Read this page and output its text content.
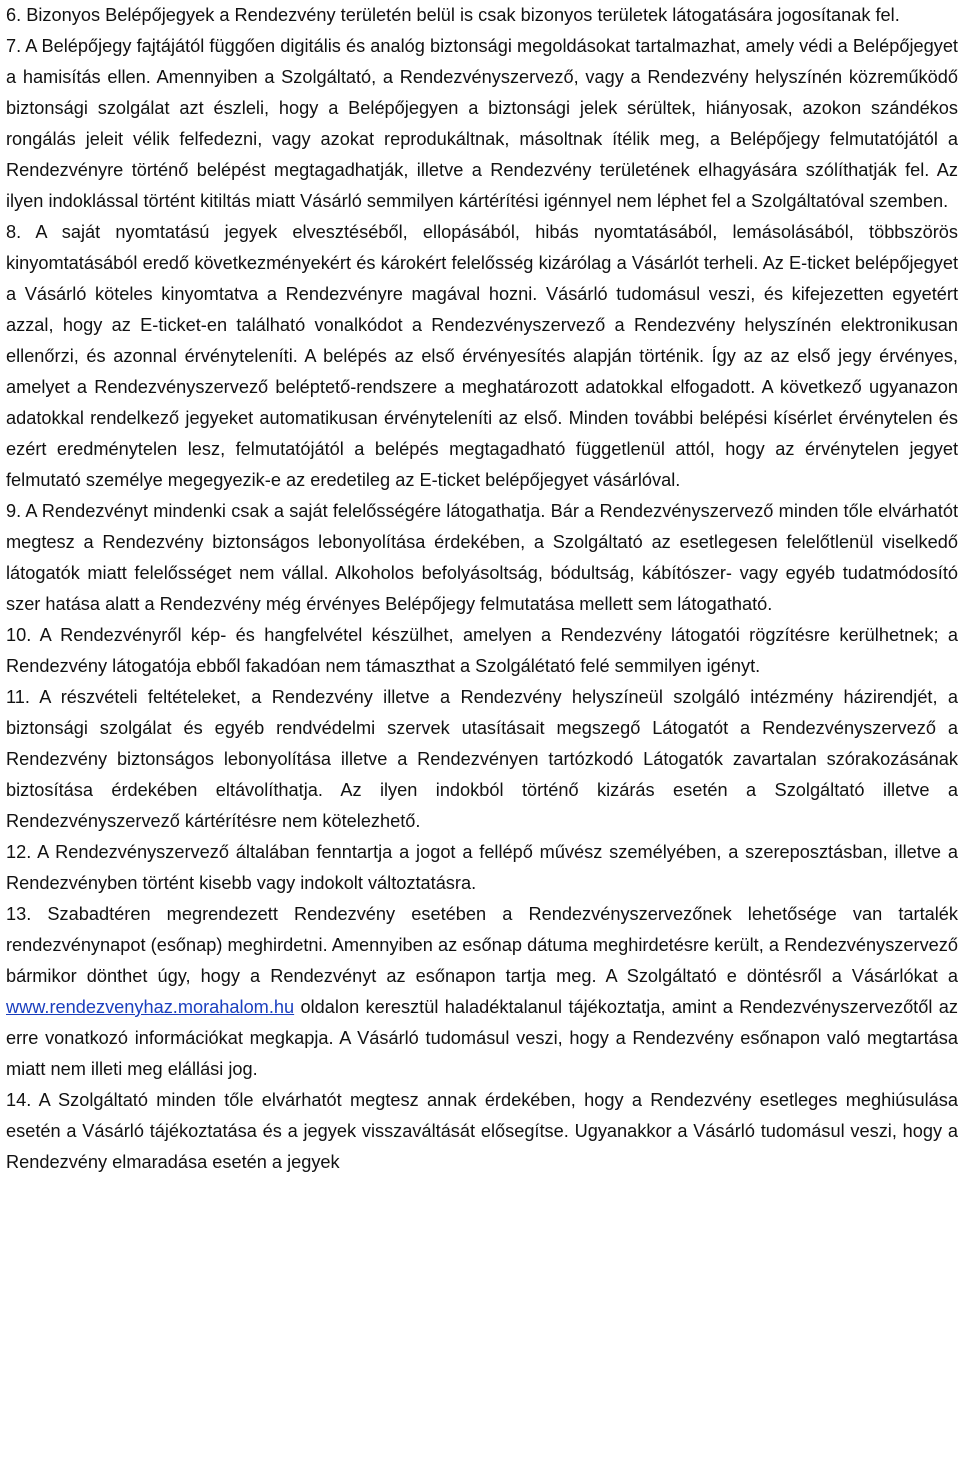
6. Bizonyos Belépőjegyek a Rendezvény területén belül is csak bizonyos területek látogatására jogosítanak fel.

7. A Belépőjegy fajtájától függően digitális és analóg biztonsági megoldásokat tartalmazhat, amely védi a Belépőjegyet a hamisítás ellen. Amennyiben a Szolgáltató, a Rendezvényszervező, vagy a Rendezvény helyszínén közreműködő biztonsági szolgálat azt észleli, hogy a Belépőjegyen a biztonsági jelek sérültek, hiányosak, azokon szándékos rongálás jeleit vélik felfedezni, vagy azokat reprodukáltnak, másoltnak ítélik meg, a Belépőjegy felmutatójától a Rendezvényre történő belépést megtagadhatják, illetve a Rendezvény területének elhagyására szólíthatják fel. Az ilyen indoklással történt kitiltás miatt Vásárló semmilyen kártérítési igénnyel nem léphet fel a Szolgáltatóval szemben.

8. A saját nyomtatású jegyek elvesztéséből, ellopásából, hibás nyomtatásából, lemásolásából, többszörös kinyomtatásából eredő következményekért és károkért felelősség kizárólag a Vásárlót terheli. Az E-ticket belépőjegyet a Vásárló köteles kinyomtatva a Rendezvényre magával hozni. Vásárló tudomásul veszi, és kifejezetten egyetért azzal, hogy az E-ticket-en található vonalkódot a Rendezvényszervező a Rendezvény helyszínén elektronikusan ellenőrzi, és azonnal érvényteleníti. A belépés az első érvényesítés alapján történik. Így az az első jegy érvényes, amelyet a Rendezvényszervező beléptető-rendszere a meghatározott adatokkal elfogadott. A következő ugyanazon adatokkal rendelkező jegyeket automatikusan érvényteleníti az első. Minden további belépési kísérlet érvénytelen és ezért eredménytelen lesz, felmutatójától a belépés megtagadható függetlenül attól, hogy az érvénytelen jegyet felmutató személye megegyezik-e az eredetileg az E-ticket belépőjegyet vásárlóval.

9. A Rendezvényt mindenki csak a saját felelősségére látogathatja. Bár a Rendezvényszervező minden tőle elvárhatót megtesz a Rendezvény biztonságos lebonyolítása érdekében, a Szolgáltató az esetlegesen felelőtlenül viselkedő látogatók miatt felelősséget nem vállal. Alkoholos befolyásoltság, bódultság, kábítószer- vagy egyéb tudatmódosító szer hatása alatt a Rendezvény még érvényes Belépőjegy felmutatása mellett sem látogatható.

10. A Rendezvényről kép- és hangfelvétel készülhet, amelyen a Rendezvény látogatói rögzítésre kerülhetnek; a Rendezvény látogatója ebből fakadóan nem támaszthat a Szolgálétató felé semmilyen igényt.

11. A részvételi feltételeket, a Rendezvény illetve a Rendezvény helyszíneül szolgáló intézmény házirendjét, a biztonsági szolgálat és egyéb rendvédelmi szervek utasításait megszegő Látogatót a Rendezvényszervező a Rendezvény biztonságos lebonyolítása illetve a Rendezvényen tartózkodó Látogatók zavartalan szórakozásának biztosítása érdekében eltávolíthatja. Az ilyen indokból történő kizárás esetén a Szolgáltató illetve a Rendezvényszervező kártérítésre nem kötelezhető.

12. A Rendezvényszervező általában fenntartja a jogot a fellépő művész személyében, a szereposztásban, illetve a Rendezvényben történt kisebb vagy indokolt változtatásra.

13. Szabadtéren megrendezett Rendezvény esetében a Rendezvényszervezőnek lehetősége van tartalék rendezvénynapot (esőnap) meghirdetni. Amennyiben az esőnap dátuma meghirdetésre került, a Rendezvényszervező bármikor dönthet úgy, hogy a Rendezvényt az esőnapon tartja meg. A Szolgáltató e döntésről a Vásárlókat a www.rendezvenyhaz.morahalom.hu oldalon keresztül haladéktalanul tájékoztatja, amint a Rendezvényszervezőtől az erre vonatkozó információkat megkapja. A Vásárló tudomásul veszi, hogy a Rendezvény esőnapon való megtartása miatt nem illeti meg elállási jog.

14. A Szolgáltató minden tőle elvárhatót megtesz annak érdekében, hogy a Rendezvény esetleges meghiúsulása esetén a Vásárló tájékoztatása és a jegyek visszaváltását elősegítse. Ugyanakkor a Vásárló tudomásul veszi, hogy a Rendezvény elmaradása esetén a jegyek
